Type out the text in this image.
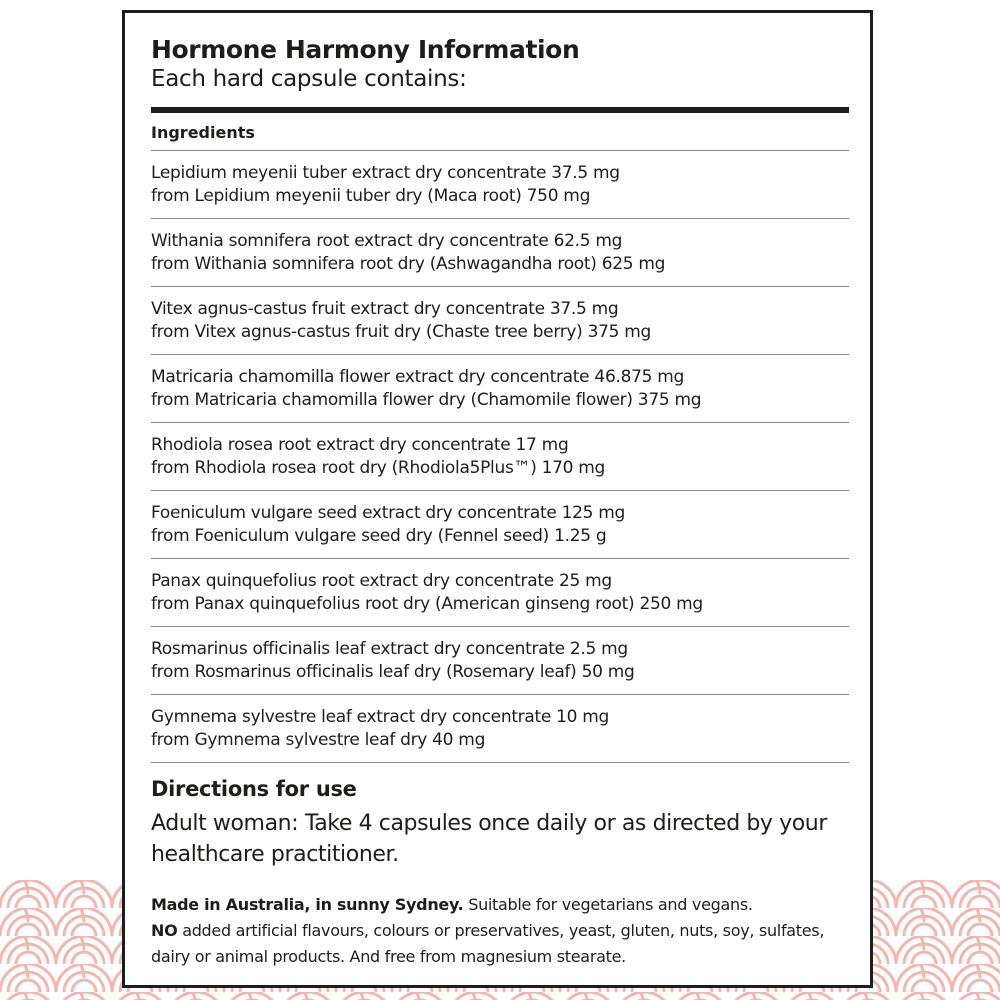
Hormone Harmony Information

Each hard capsule contains:

Ingredients
Lepidium meyenii tuber extract dry concentrate 37.5 mg
from Lepidium meyenii tuber dry (Maca root) 750 mg
Withania somnifera root extract dry concentrate 62.5 mg
from Withania somnifera root dry (Ashwagandha root) 625 mg
Vitex agnus-castus fruit extract dry concentrate 37.5 mg
from Vitex agnus-castus fruit dry (Chaste tree berry) 375 mg
Matricaria chamomilla flower extract dry concentrate 46.875 mg
from Matricaria chamomilla flower dry (Chamomile flower) 375 mg
Rhodiola rosea root extract dry concentrate 17 mg
from Rhodiola rosea root dry (Rhodiola5Plus™) 170 mg
Foeniculum vulgare seed extract dry concentrate 125 mg
from Foeniculum vulgare seed dry (Fennel seed) 1.25 g
Panax quinquefolius root extract dry concentrate 25 mg
from Panax quinquefolius root dry (American ginseng root) 250 mg
Rosmarinus officinalis leaf extract dry concentrate 2.5 mg
from Rosmarinus officinalis leaf dry (Rosemary leaf) 50 mg
Gymnema sylvestre leaf extract dry concentrate 10 mg
from Gymnema sylvestre leaf dry 40 mg
Directions for use
Adult woman: Take 4 capsules once daily or as directed by your healthcare practitioner.
Made in Australia, in sunny Sydney. Suitable for vegetarians and vegans.
NO added artificial flavours, colours or preservatives, yeast, gluten, nuts, soy, sulfates, dairy or animal products. And free from magnesium stearate.
